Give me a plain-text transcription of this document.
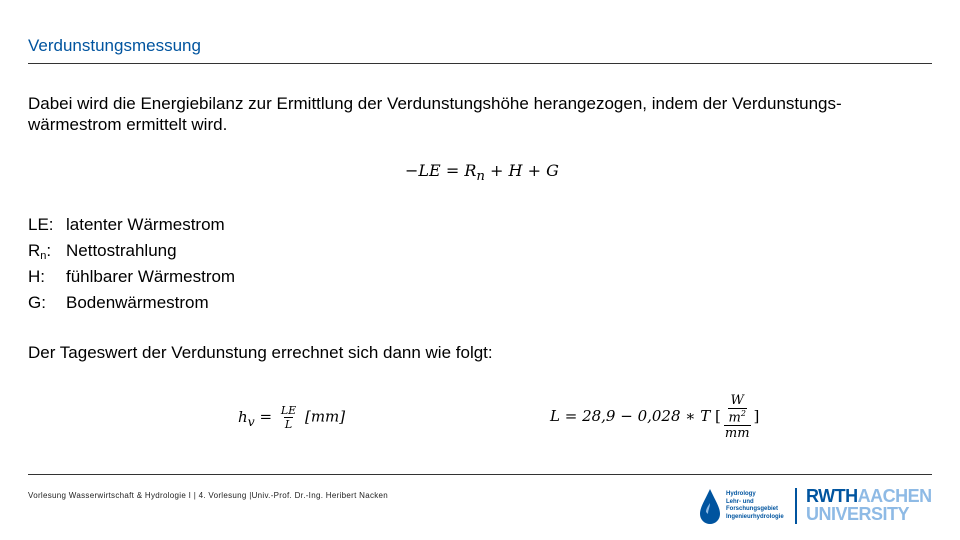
Verdunstungsmessung
Dabei wird die Energiebilanz zur Ermittlung der Verdunstungshöhe herangezogen, indem der Verdunstungs-wärmestrom ermittelt wird.
$-LE = R_n + H + G$
LE: latenter Wärmestrom
$R_n$: Nettostrahlung
H:	fühlbarer Wärmestrom
G:	Bodenwärmestrom
Der Tageswert der Verdunstung errechnet sich dann wie folgt:
$h_v = \frac{LE}{L} [mm]$	L = 28,9 − 0,028 ∗ T [ $\frac{\frac{W}{m^2}}{mm}$ ]
Vorlesung Wasserwirtschaft & Hydrologie I | 4. Vorlesung |Univ.-Prof. Dr.-Ing. Heribert Nacken	Hydrology
Lehr- und
Forschungsgebiet
Ingenieurhydrologie
RWTHAACHEN
UNIVERSITY
